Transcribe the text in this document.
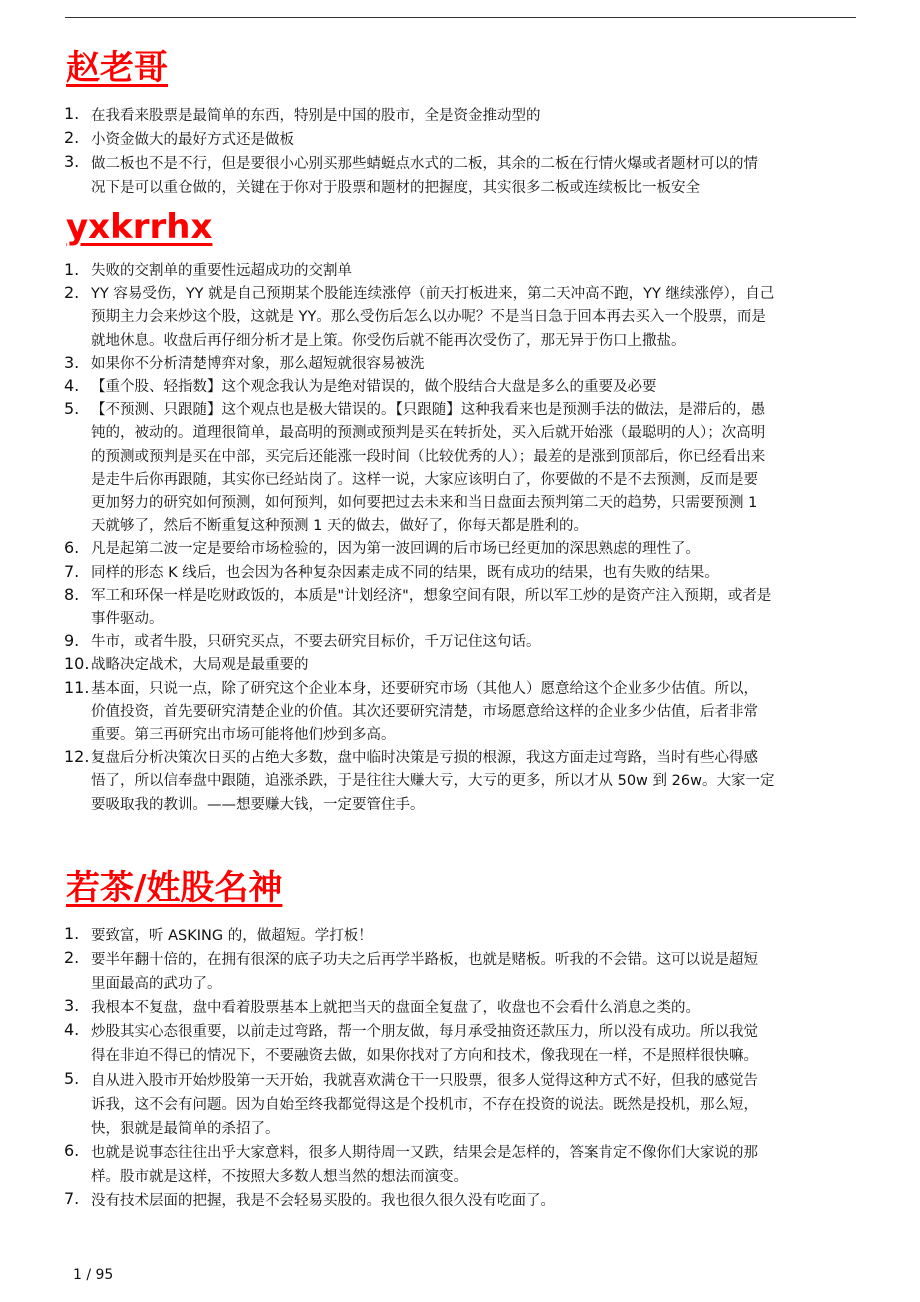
赵老哥
1. 在我看来股票是最简单的东西，特别是中国的股市，全是资金推动型的
2. 小资金做大的最好方式还是做板
3. 做二板也不是不行，但是要很小心别买那些蜻蜓点水式的二板，其余的二板在行情火爆或者题材可以的情
况下是可以重仓做的，关键在于你对于股票和题材的把握度，其实很多二板或连续板比一板安全
yxkrrhx
1. 失败的交割单的重要性远超成功的交割单
2. YY 容易受伤，YY 就是自己预期某个股能连续涨停（前天打板进来，第二天冲高不跑，YY 继续涨停），自己
预期主力会来炒这个股，这就是 YY。那么受伤后怎么以办呢？不是当日急于回本再去买入一个股票，而是
就地休息。收盘后再仔细分析才是上策。你受伤后就不能再次受伤了，那无异于伤口上撒盐。
3. 如果你不分析清楚博弈对象，那么超短就很容易被洗
4. 【重个股、轻指数】这个观念我认为是绝对错误的，做个股结合大盘是多么的重要及必要
5. 【不预测、只跟随】这个观点也是极大错误的。【只跟随】这种我看来也是预测手法的做法，是滞后的，愚
钝的，被动的。道理很简单，最高明的预测或预判是买在转折处，买入后就开始涨（最聪明的人）；次高明
的预测或预判是买在中部，买完后还能涨一段时间（比较优秀的人）；最差的是涨到顶部后，你已经看出来
是走牛后你再跟随，其实你已经站岗了。这样一说，大家应该明白了，你要做的不是不去预测，反而是要
更加努力的研究如何预测，如何预判，如何要把过去未来和当日盘面去预判第二天的趋势，只需要预测 1
天就够了，然后不断重复这种预测 1 天的做去，做好了，你每天都是胜利的。
6. 凡是起第二波一定是要给市场检验的，因为第一波回调的后市场已经更加的深思熟虑的理性了。
7. 同样的形态 K 线后，也会因为各种复杂因素走成不同的结果，既有成功的结果，也有失败的结果。
8. 军工和环保一样是吃财政饭的，本质是"计划经济"，想象空间有限，所以军工炒的是资产注入预期，或者是
事件驱动。
9. 牛市，或者牛股，只研究买点，不要去研究目标价，千万记住这句话。
10. 战略决定战术，大局观是最重要的
11. 基本面，只说一点，除了研究这个企业本身，还要研究市场（其他人）愿意给这个企业多少估值。所以，
价值投资，首先要研究清楚企业的价值。其次还要研究清楚，市场愿意给这样的企业多少估值，后者非常
重要。第三再研究出市场可能将他们炒到多高。
12. 复盘后分析决策次日买的占绝大多数，盘中临时决策是亏损的根源，我这方面走过弯路，当时有些心得感
悟了，所以信奉盘中跟随，追涨杀跌，于是往往大赚大亏，大亏的更多，所以才从 50w 到 26w。大家一定
要吸取我的教训。——想要赚大钱，一定要管住手。
若茶/姓股名神
1. 要致富，听 ASKING 的，做超短。学打板！
2. 要半年翻十倍的，在拥有很深的底子功夫之后再学半路板，也就是赌板。听我的不会错。这可以说是超短
里面最高的武功了。
3. 我根本不复盘，盘中看着股票基本上就把当天的盘面全复盘了，收盘也不会看什么消息之类的。
4. 炒股其实心态很重要，以前走过弯路，帮一个朋友做，每月承受抽资还款压力，所以没有成功。所以我觉
得在非迫不得已的情况下，不要融资去做，如果你找对了方向和技术，像我现在一样，不是照样很快嘛。
5. 自从进入股市开始炒股第一天开始，我就喜欢满仓干一只股票，很多人觉得这种方式不好，但我的感觉告
诉我，这不会有问题。因为自始至终我都觉得这是个投机市，不存在投资的说法。既然是投机，那么短，
快，狠就是最简单的杀招了。
6. 也就是说事态往往出乎大家意料，很多人期待周一又跌，结果会是怎样的，答案肯定不像你们大家说的那
样。股市就是这样，不按照大多数人想当然的想法而演变。
7. 没有技术层面的把握，我是不会轻易买股的。我也很久很久没有吃面了。
1 / 95
